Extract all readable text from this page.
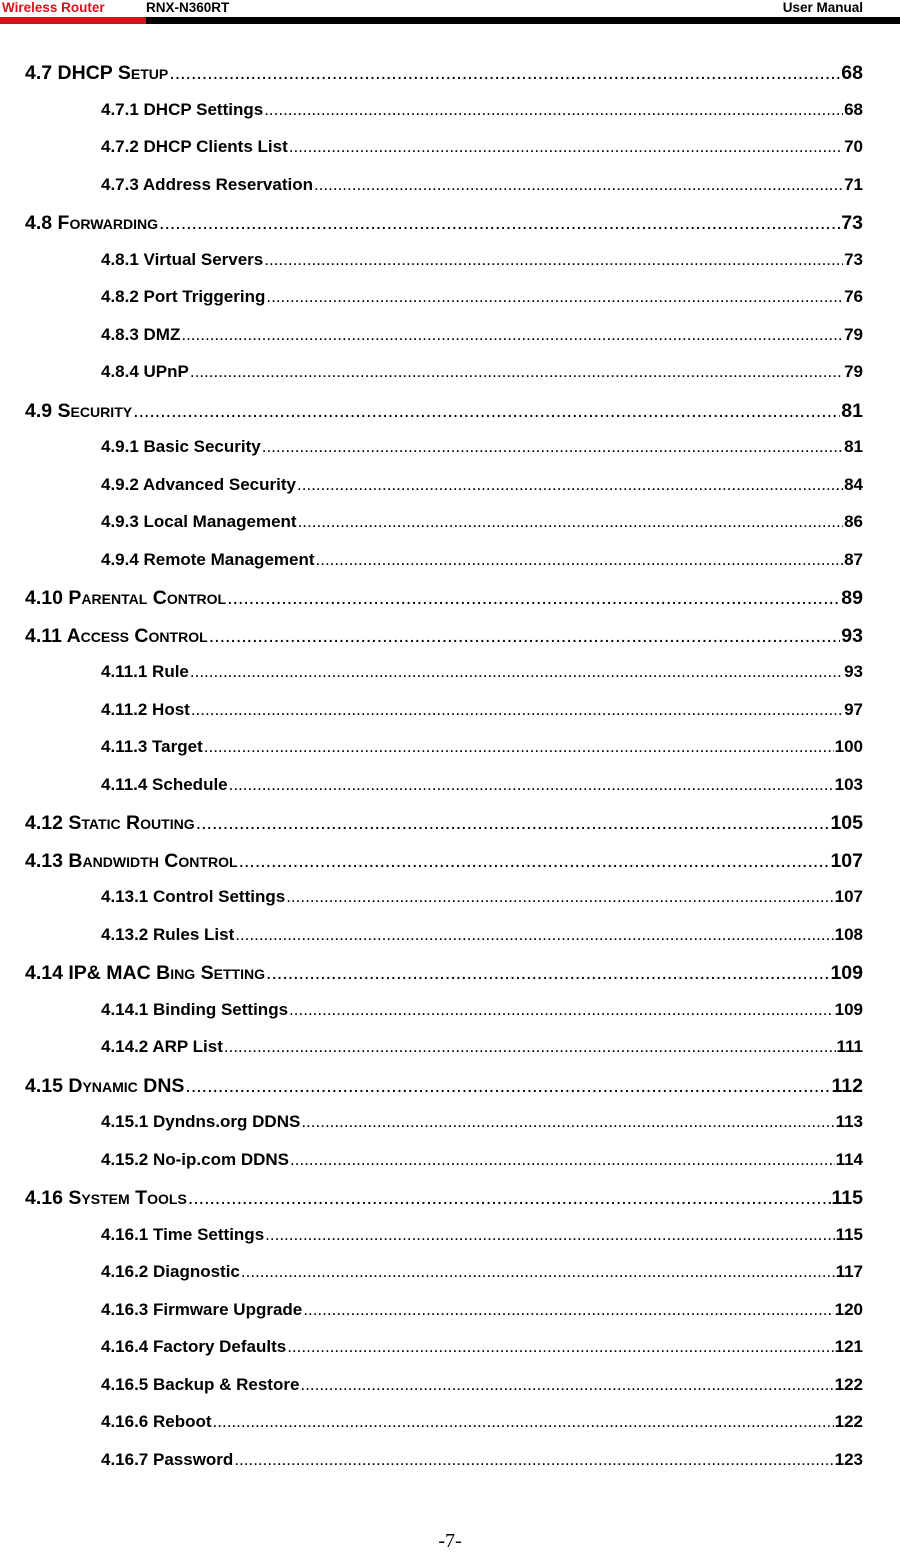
Wireless Router	RNX-N360RT	User Manual
4.7 DHCP SETUP .....	68
4.7.1 DHCP Settings .....	68
4.7.2 DHCP Clients List .....	70
4.7.3 Address Reservation .....	71
4.8 FORWARDING .....	73
4.8.1 Virtual Servers .....	73
4.8.2 Port Triggering .....	76
4.8.3 DMZ .....	79
4.8.4 UPnP .....	79
4.9 SECURITY .....	81
4.9.1 Basic Security .....	81
4.9.2 Advanced Security .....	84
4.9.3 Local Management .....	86
4.9.4 Remote Management .....	87
4.10 PARENTAL CONTROL .....	89
4.11 ACCESS CONTROL .....	93
4.11.1 Rule .....	93
4.11.2 Host .....	97
4.11.3 Target .....	100
4.11.4 Schedule .....	103
4.12 STATIC ROUTING .....	105
4.13 BANDWIDTH CONTROL .....	107
4.13.1 Control Settings .....	107
4.13.2 Rules List .....	108
4.14 IP& MAC BING SETTING .....	109
4.14.1 Binding Settings .....	109
4.14.2 ARP List .....	111
4.15 DYNAMIC DNS .....	112
4.15.1 Dyndns.org DDNS .....	113
4.15.2 No-ip.com DDNS .....	114
4.16 SYSTEM TOOLS .....	115
4.16.1 Time Settings .....	115
4.16.2 Diagnostic .....	117
4.16.3 Firmware Upgrade .....	120
4.16.4 Factory Defaults .....	121
4.16.5 Backup & Restore .....	122
4.16.6 Reboot .....	122
4.16.7 Password .....	123
-7-
